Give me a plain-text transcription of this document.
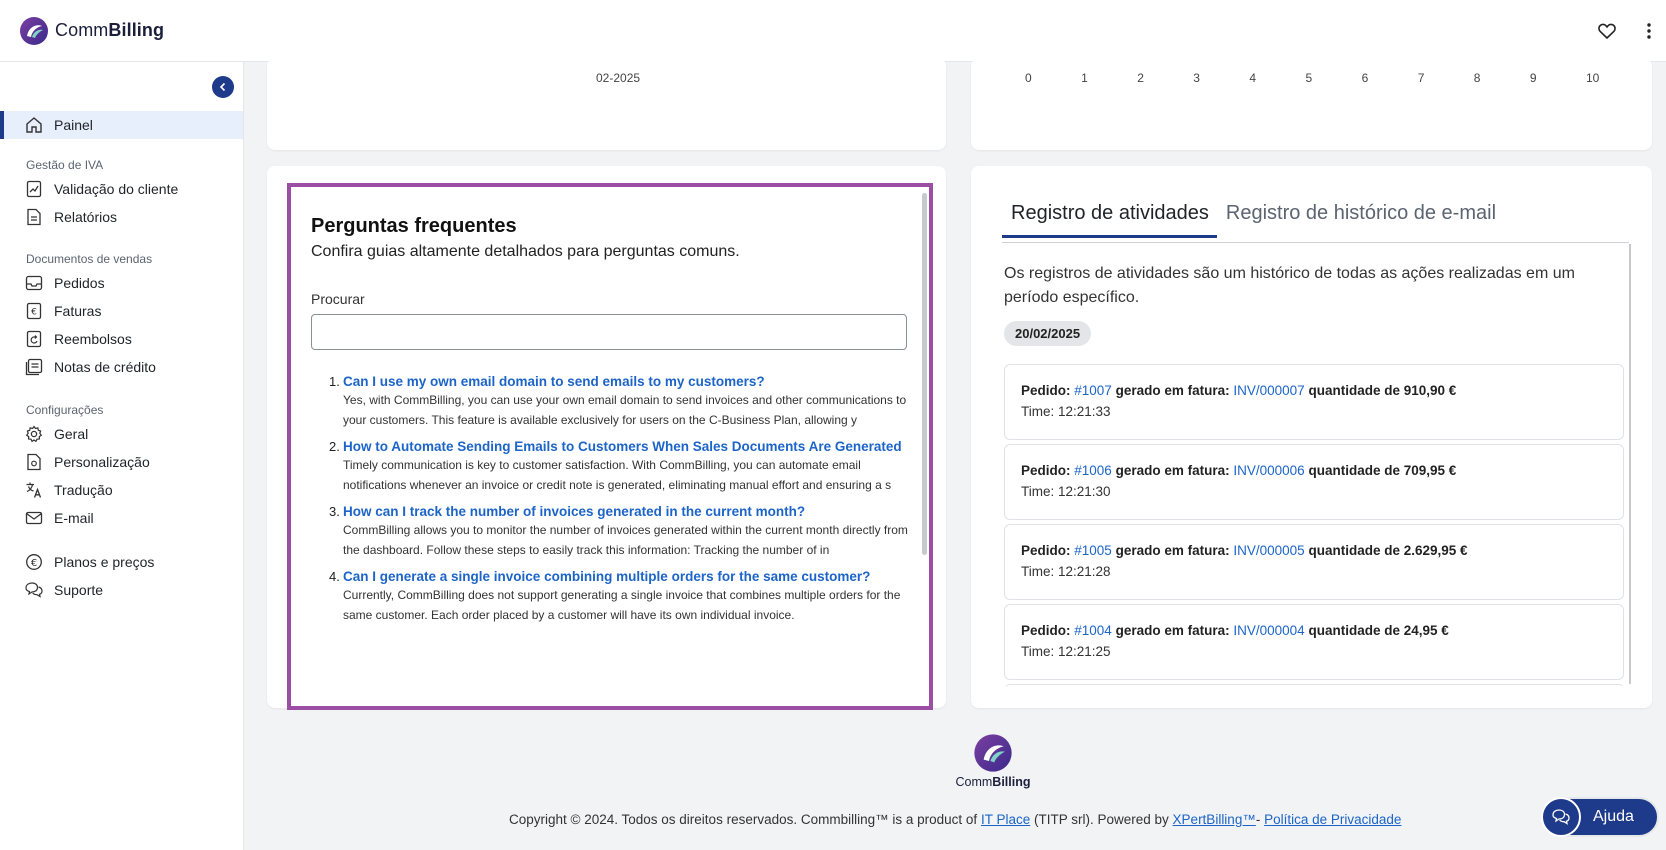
CommBilling
Painel
Gestão de IVA
Validação do cliente
Relatórios
Documentos de vendas
Pedidos
€ Faturas
Reembolsos
Notas de crédito
Configurações
Geral
Personalização
Tradução
E-mail
€ Planos e preços
Suporte
02-2025	0	1	2	3	4	5	6	7	8	9	10
Perguntas frequentes
Confira guias altamente detalhados para perguntas comuns.
Procurar
1. Can I use my own email domain to send emails to my customers?
Yes, with CommBilling, you can use your own email domain to send invoices and other communications to your customers. This feature is available exclusively for users on the C-Business Plan, allowing y
2. How to Automate Sending Emails to Customers When Sales Documents Are Generated
Timely communication is key to customer satisfaction. With CommBilling, you can automate email notifications whenever an invoice or credit note is generated, eliminating manual effort and ensuring a s
3. How can I track the number of invoices generated in the current month?
CommBilling allows you to monitor the number of invoices generated within the current month directly from the dashboard. Follow these steps to easily track this information: Tracking the number of in
4. Can I generate a single invoice combining multiple orders for the same customer?
Currently, CommBilling does not support generating a single invoice that combines multiple orders for the same customer. Each order placed by a customer will have its own individual invoice.
Registro de atividades Registro de histórico de e-mail
Os registros de atividades são um histórico de todas as ações realizadas em um período específico.
20/02/2025
Pedido: #1007 gerado em fatura: INV/000007 quantidade de 910,90 €
Time: 12:21:33
Pedido: #1006 gerado em fatura: INV/000006 quantidade de 709,95 €
Time: 12:21:30
Pedido: #1005 gerado em fatura: INV/000005 quantidade de 2.629,95 €
Time: 12:21:28
Pedido: #1004 gerado em fatura: INV/000004 quantidade de 24,95 €
Time: 12:21:25
CommBilling
Copyright © 2024. Todos os direitos reservados. Commbilling™ is a product of IT Place (TITP srl). Powered by XPertBilling™- Política de Privacidade	Ajuda
